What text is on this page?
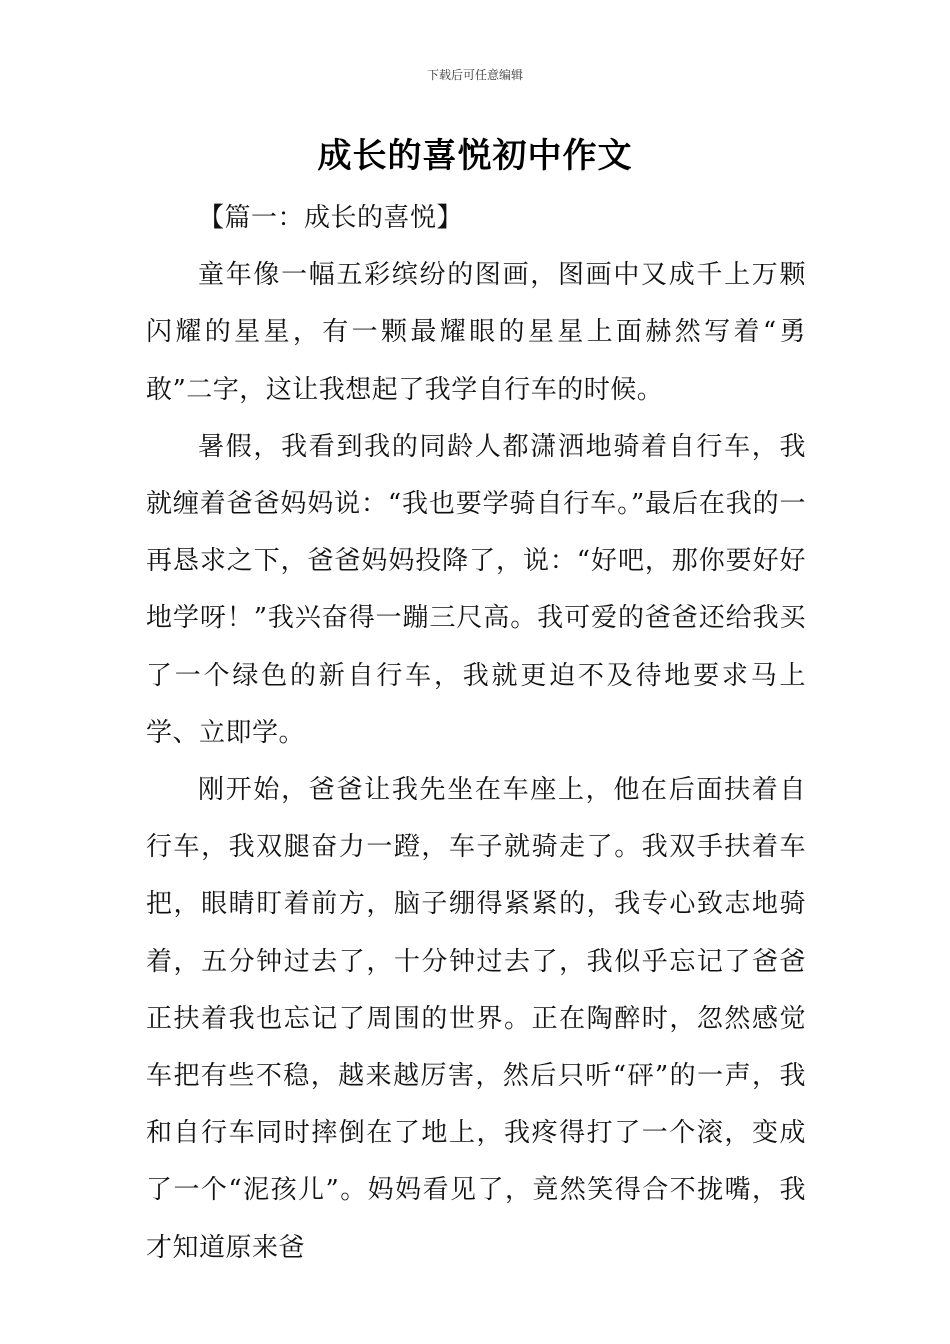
下载后可任意编辑
成长的喜悦初中作文

【篇一：成长的喜悦】

童年像一幅五彩缤纷的图画，图画中又成千上万颗闪耀的星星，有一颗最耀眼的星星上面赫然写着“勇敢”二字，这让我想起了我学自行车的时候。

暑假，我看到我的同龄人都潇洒地骑着自行车，我就缠着爸爸妈妈说：“我也要学骑自行车。”最后在我的一再恳求之下，爸爸妈妈投降了，说：“好吧，那你要好好地学呀！”我兴奋得一蹦三尺高。我可爱的爸爸还给我买了一个绿色的新自行车，我就更迫不及待地要求马上学、立即学。

刚开始，爸爸让我先坐在车座上，他在后面扶着自行车，我双腿奋力一蹬，车子就骑走了。我双手扶着车把，眼睛盯着前方，脑子绷得紧紧的，我专心致志地骑着，五分钟过去了，十分钟过去了，我似乎忘记了爸爸正扶着我也忘记了周围的世界。正在陶醉时，忽然感觉车把有些不稳，越来越厉害，然后只听“砰”的一声，我和自行车同时摔倒在了地上，我疼得打了一个滚，变成了一个“泥孩儿”。妈妈看见了，竟然笑得合不拢嘴，我才知道原来爸
